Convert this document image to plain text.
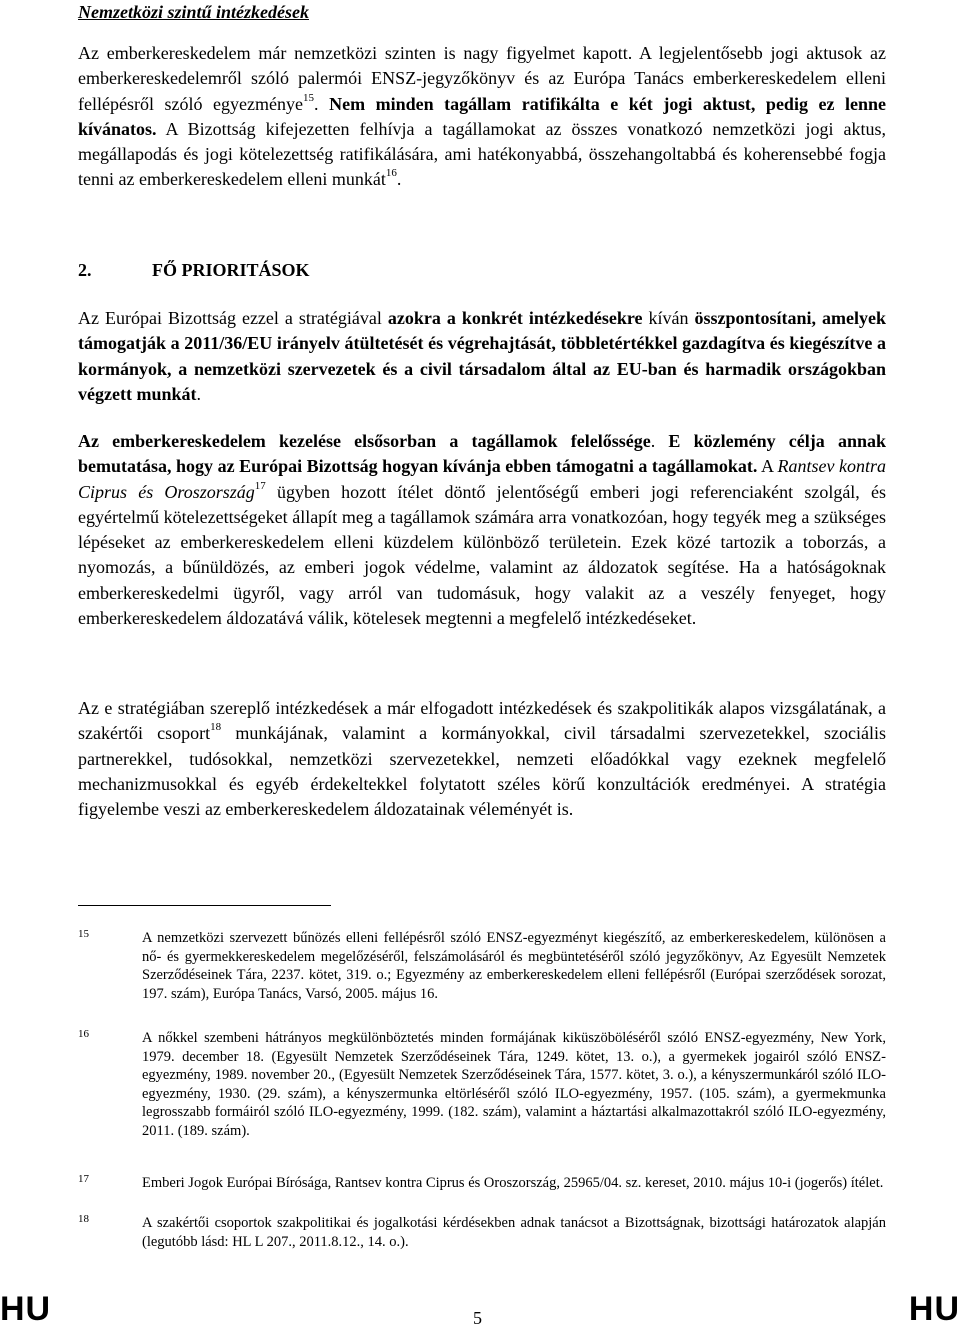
Nemzetközi szintű intézkedések

Az emberkereskedelem már nemzetközi szinten is nagy figyelmet kapott. A legjelentősebb jogi aktusok az emberkereskedelemről szóló palermói ENSZ-jegyzőkönyv és az Európa Tanács emberkereskedelem elleni fellépésről szóló egyezménye$^{15}$. Nem minden tagállam ratifikálta e két jogi aktust, pedig ez lenne kívánatos. A Bizottság kifejezetten felhívja a tagállamokat az összes vonatkozó nemzetközi jogi aktus, megállapodás és jogi kötelezettség ratifikálására, ami hatékonyabbá, összehangoltabbá és koherensebbé fogja tenni az emberkereskedelem elleni munkát$^{16}$.

2.	FŐ PRIORITÁSOK

Az Európai Bizottság ezzel a stratégiával azokra a konkrét intézkedésekre kíván összpontosítani, amelyek támogatják a 2011/36/EU irányelv átültetését és végrehajtását, többletértékkel gazdagítva és kiegészítve a kormányok, a nemzetközi szervezetek és a civil társadalom által az EU-ban és harmadik országokban végzett munkát.

Az emberkereskedelem kezelése elsősorban a tagállamok felelőssége. E közlemény célja annak bemutatása, hogy az Európai Bizottság hogyan kívánja ebben támogatni a tagállamokat. A Rantsev kontra Ciprus és Oroszország$^{17}$ ügyben hozott ítélet döntő jelentőségű emberi jogi referenciaként szolgál, és egyértelmű kötelezettségeket állapít meg a tagállamok számára arra vonatkozóan, hogy tegyék meg a szükséges lépéseket az emberkereskedelem elleni küzdelem különböző területein. Ezek közé tartozik a toborzás, a nyomozás, a bűnüldözés, az emberi jogok védelme, valamint az áldozatok segítése. Ha a hatóságoknak emberkereskedelmi ügyről, vagy arról van tudomásuk, hogy valakit az a veszély fenyeget, hogy emberkereskedelem áldozatává válik, kötelesek megtenni a megfelelő intézkedéseket.

Az e stratégiában szereplő intézkedések a már elfogadott intézkedések és szakpolitikák alapos vizsgálatának, a szakértői csoport$^{18}$ munkájának, valamint a kormányokkal, civil társadalmi szervezetekkel, szociális partnerekkel, tudósokkal, nemzetközi szervezetekkel, nemzeti előadókkal vagy ezeknek megfelelő mechanizmusokkal és egyéb érdekeltekkel folytatott széles körű konzultációk eredményei. A stratégia figyelembe veszi az emberkereskedelem áldozatainak véleményét is.

15	A nemzetközi szervezett bűnözés elleni fellépésről szóló ENSZ-egyezményt kiegészítő, az emberkereskedelem, különösen a nő- és gyermekkereskedelem megelőzéséről, felszámolásáról és megbüntetéséről szóló jegyzőkönyv, Az Egyesült Nemzetek Szerződéseinek Tára, 2237. kötet, 319. o.; Egyezmény az emberkereskedelem elleni fellépésről (Európai szerződések sorozat, 197. szám), Európa Tanács, Varsó, 2005. május 16.
16	A nőkkel szembeni hátrányos megkülönböztetés minden formájának kiküszöböléséről szóló ENSZ-egyezmény, New York, 1979. december 18. (Egyesült Nemzetek Szerződéseinek Tára, 1249. kötet, 13. o.), a gyermekek jogairól szóló ENSZ-egyezmény, 1989. november 20., (Egyesült Nemzetek Szerződéseinek Tára, 1577. kötet, 3. o.), a kényszermunkáról szóló ILO-egyezmény, 1930. (29. szám), a kényszermunka eltörléséről szóló ILO-egyezmény, 1957. (105. szám), a gyermekmunka legrosszabb formáiról szóló ILO-egyezmény, 1999. (182. szám), valamint a háztartási alkalmazottakról szóló ILO-egyezmény, 2011. (189. szám).
17	Emberi Jogok Európai Bírósága, Rantsev kontra Ciprus és Oroszország, 25965/04. sz. kereset, 2010. május 10-i (jogerős) ítélet.
18	A szakértői csoportok szakpolitikai és jogalkotási kérdésekben adnak tanácsot a Bizottságnak, bizottsági határozatok alapján (legutóbb lásd: HL L 207., 2011.8.12., 14. o.).
HU	5	HU
